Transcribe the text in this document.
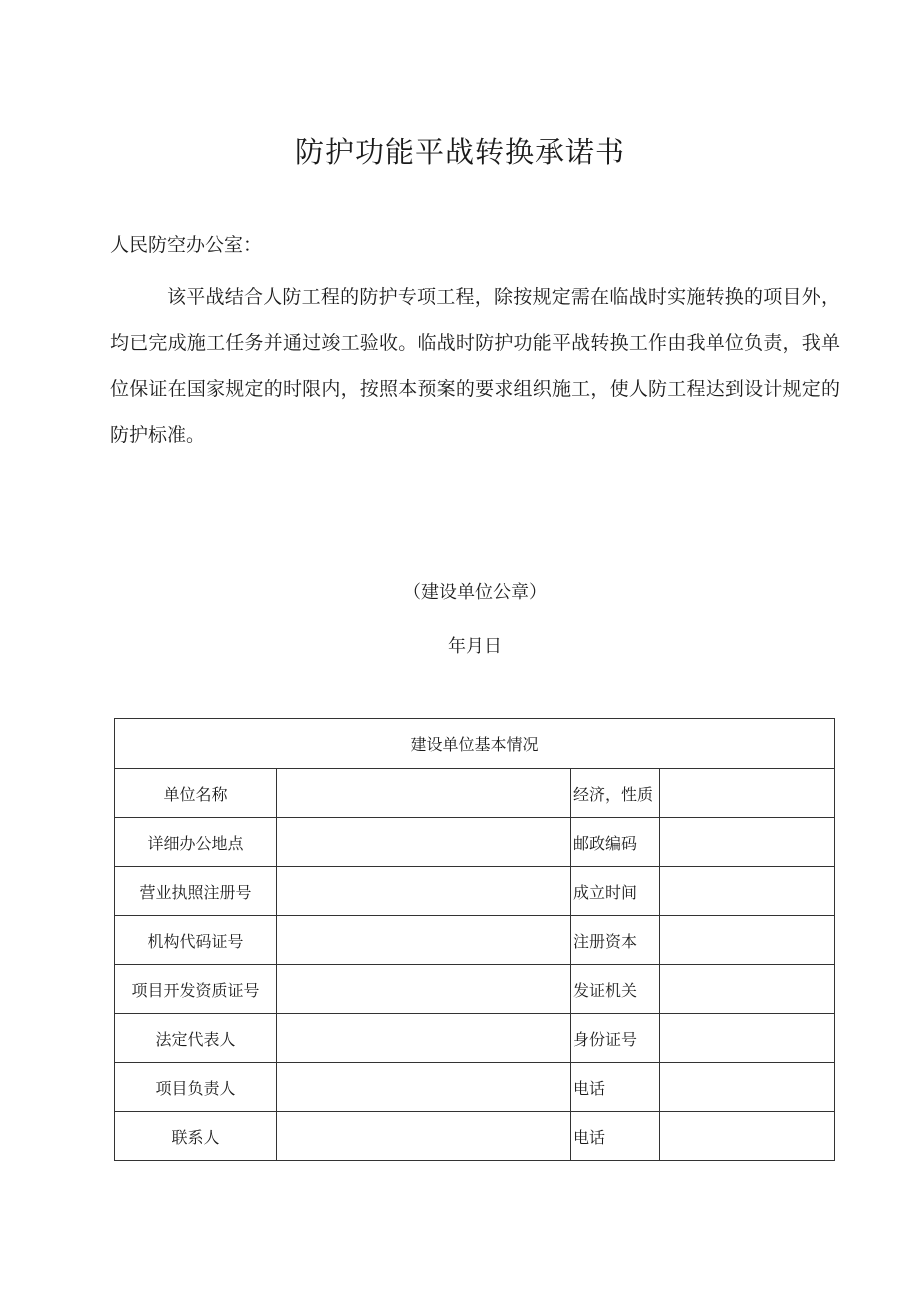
防护功能平战转换承诺书
人民防空办公室：

该平战结合人防工程的防护专项工程，除按规定需在临战时实施转换的项目外，均已完成施工任务并通过竣工验收。临战时防护功能平战转换工作由我单位负责，我单位保证在国家规定的时限内，按照本预案的要求组织施工，使人防工程达到设计规定的防护标准。

（建设单位公章）
年月日
建设单位基本情况			
单位名称		经济，性质	
详细办公地点		邮政编码	
营业执照注册号		成立时间	
机构代码证号		注册资本	
项目开发资质证号		发证机关	
法定代表人		身份证号	
项目负责人		电话	
联系人		电话	
